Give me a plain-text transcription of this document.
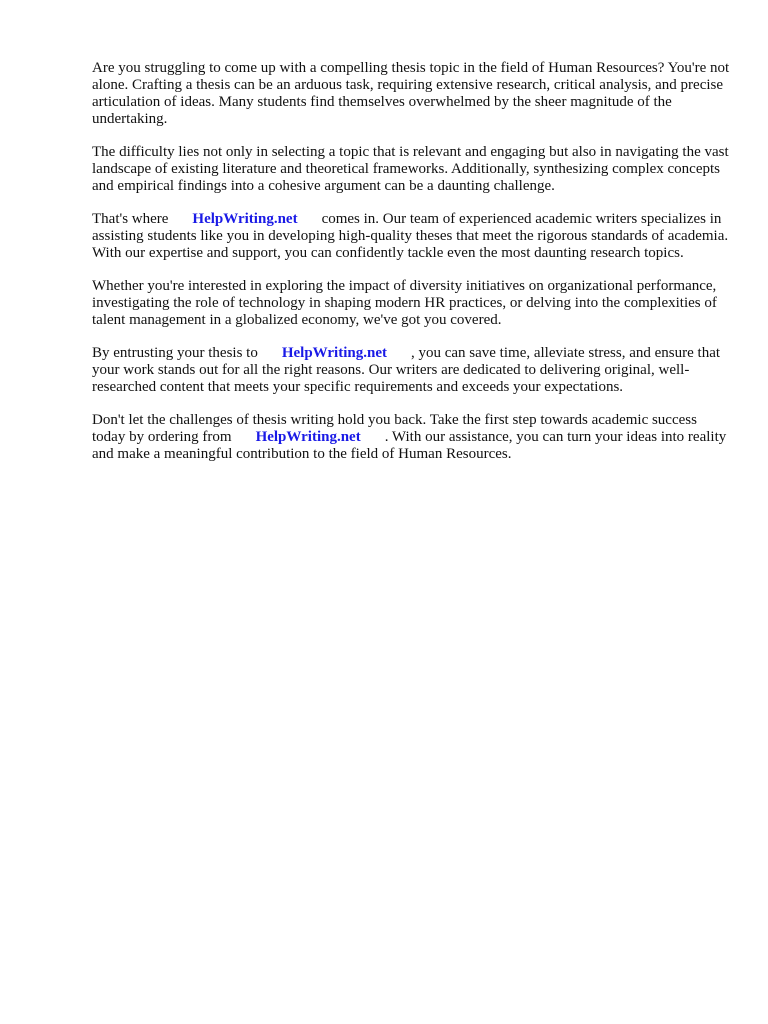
Are you struggling to come up with a compelling thesis topic in the field of Human Resources? You're not alone. Crafting a thesis can be an arduous task, requiring extensive research, critical analysis, and precise articulation of ideas. Many students find themselves overwhelmed by the sheer magnitude of the undertaking.

The difficulty lies not only in selecting a topic that is relevant and engaging but also in navigating the vast landscape of existing literature and theoretical frameworks. Additionally, synthesizing complex concepts and empirical findings into a cohesive argument can be a daunting challenge.

That's where HelpWriting.net comes in. Our team of experienced academic writers specializes in assisting students like you in developing high-quality theses that meet the rigorous standards of academia. With our expertise and support, you can confidently tackle even the most daunting research topics.

Whether you're interested in exploring the impact of diversity initiatives on organizational performance, investigating the role of technology in shaping modern HR practices, or delving into the complexities of talent management in a globalized economy, we've got you covered.

By entrusting your thesis to HelpWriting.net , you can save time, alleviate stress, and ensure that your work stands out for all the right reasons. Our writers are dedicated to delivering original, well-researched content that meets your specific requirements and exceeds your expectations.

Don't let the challenges of thesis writing hold you back. Take the first step towards academic success today by ordering from HelpWriting.net . With our assistance, you can turn your ideas into reality and make a meaningful contribution to the field of Human Resources.
